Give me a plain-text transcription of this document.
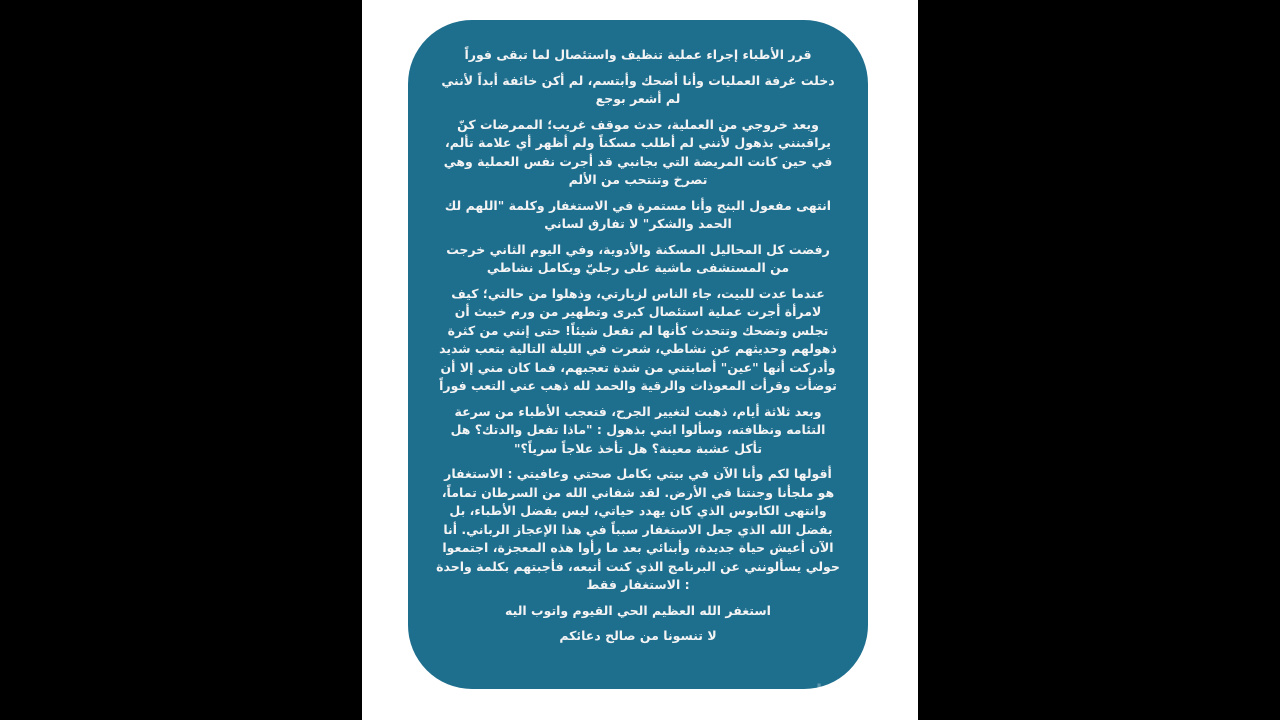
قرر الأطباء إجراء عملية تنظيف واستئصال لما تبقى فوراً

دخلت غرفة العمليات وأنا أضحك وأبتسم، لم أكن خائفة أبداً لأنني لم أشعر بوجع

وبعد خروجي من العملية، حدث موقف غريب؛ الممرضات كنّ يراقبنني بذهول لأنني لم أطلب مسكناً ولم أظهر أي علامة تألم، في حين كانت المريضة التي بجانبي قد أجرت نفس العملية وهي تصرخ وتنتحب من الألم

انتهى مفعول البنج وأنا مستمرة في الاستغفار وكلمة "اللهم لك الحمد والشكر" لا تفارق لساني

رفضت كل المحاليل المسكنة والأدوية، وفي اليوم الثاني خرجت من المستشفى ماشية على رجليّ وبكامل نشاطي

عندما عدت للبيت، جاء الناس لزيارتي، وذهلوا من حالتي؛ كيف لامرأة أجرت عملية استئصال كبرى وتطهير من ورم خبيث أن تجلس وتضحك وتتحدث كأنها لم تفعل شيئاً! حتى إنني من كثرة ذهولهم وحديثهم عن نشاطي، شعرت في الليلة التالية بتعب شديد وأدركت أنها "عين" أصابتني من شدة تعجبهم، فما كان مني إلا أن توضأت وقرأت المعوذات والرقية والحمد لله ذهب عني التعب فوراً

وبعد ثلاثة أيام، ذهبت لتغيير الجرح، فتعجب الأطباء من سرعة التئامه ونظافته، وسألوا ابني بذهول : "ماذا تفعل والدتك؟ هل تأكل عشبة معينة؟ هل تأخذ علاجاً سرياً؟"

أقولها لكم وأنا الآن في بيتي بكامل صحتي وعافيتي : الاستغفار هو ملجأنا وجنتنا في الأرض. لقد شفاني الله من السرطان تماماً، وانتهى الكابوس الذي كان يهدد حياتي، ليس بفضل الأطباء، بل بفضل الله الذي جعل الاستغفار سبباً في هذا الإعجاز الرباني. أنا الآن أعيش حياة جديدة، وأبنائي بعد ما رأوا هذه المعجزة، اجتمعوا حولي يسألونني عن البرنامج الذي كنت أتبعه، فأجبتهم بكلمة واحدة : الاستغفار فقط

استغفر الله العظيم الحي القيوم واتوب اليه

لا تنسونا من صالح دعائكم

InShot
